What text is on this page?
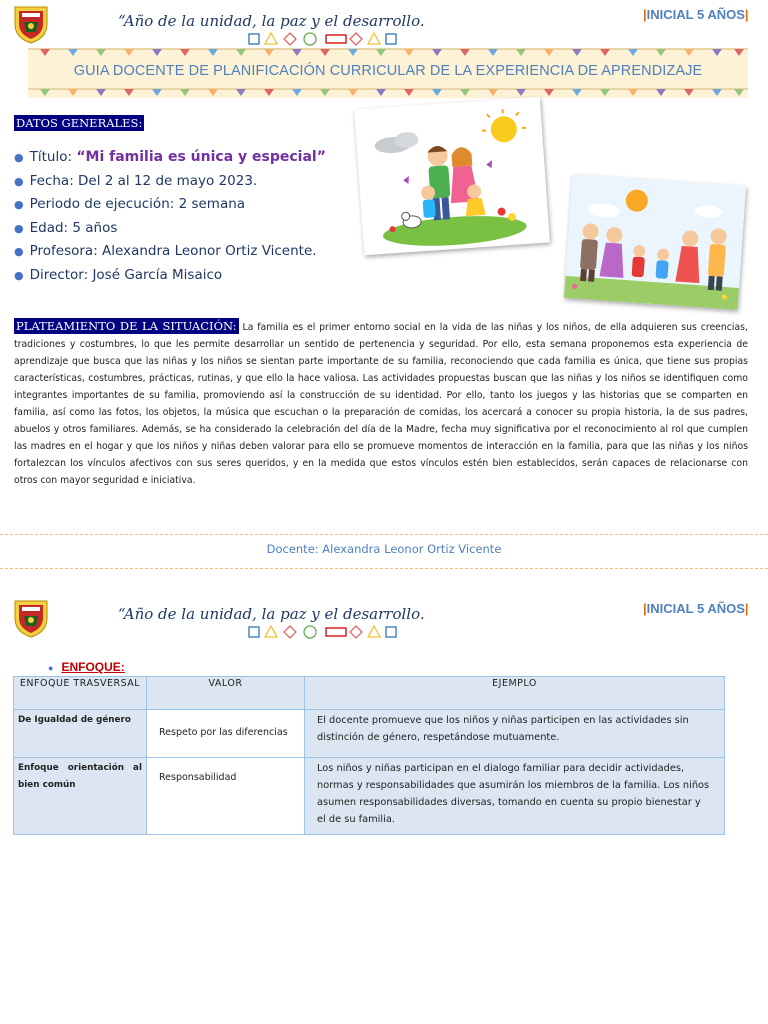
“Año de la unidad, la paz y el desarrollo.	|INICIAL 5 AÑOS|
GUIA DOCENTE DE PLANIFICACIÓN CURRICULAR DE LA EXPERIENCIA DE APRENDIZAJE
DATOS GENERALES:
● Título: “Mi familia es única y especial”
● Fecha: Del 2 al 12 de mayo 2023.
● Periodo de ejecución: 2 semana
● Edad: 5 años
● Profesora: Alexandra Leonor Ortiz Vicente.
● Director: José García Misaico
PLATEAMIENTO DE LA SITUACIÓN: La familia es el primer entorno social en la vida de las niñas y los niños, de ella adquieren sus creencias, tradiciones y costumbres, lo que les permite desarrollar un sentido de pertenencia y seguridad. Por ello, esta semana proponemos esta experiencia de aprendizaje que busca que las niñas y los niños se sientan parte importante de su familia, reconociendo que cada familia es única, que tiene sus propias características, costumbres, prácticas, rutinas, y que ello la hace valiosa. Las actividades propuestas buscan que las niñas y los niños se identifiquen como integrantes importantes de su familia, promoviendo así la construcción de su identidad. Por ello, tanto los juegos y las historias que se comparten en familia, así como las fotos, los objetos, la música que escuchan o la preparación de comidas, los acercará a conocer su propia historia, la de sus padres, abuelos y otros familiares. Además, se ha considerado la celebración del día de la Madre, fecha muy significativa por el reconocimiento al rol que cumplen las madres en el hogar y que los niños y niñas deben valorar para ello se promueve momentos de interacción en la familia, para que las niñas y los niños fortalezcan los vínculos afectivos con sus seres queridos, y en la medida que estos vínculos estén bien establecidos, serán capaces de relacionarse con otros con mayor seguridad e iniciativa.
Docente: Alexandra Leonor Ortiz Vicente
“Año de la unidad, la paz y el desarrollo.	|INICIAL 5 AÑOS|
● ENFOQUE:
ENFOQUE TRASVERSAL	VALOR	EJEMPLO
De Igualdad de género	Respeto por las diferencias	El docente promueve que los niños y niñas participen en las actividades sin distinción de género, respetándose mutuamente.
Enfoque orientación al bien común	Responsabilidad	Los niños y niñas participan en el dialogo familiar para decidir actividades, normas y responsabilidades que asumirán los miembros de la familia. Los niños asumen responsabilidades diversas, tomando en cuenta su propio bienestar y el de su familia.
